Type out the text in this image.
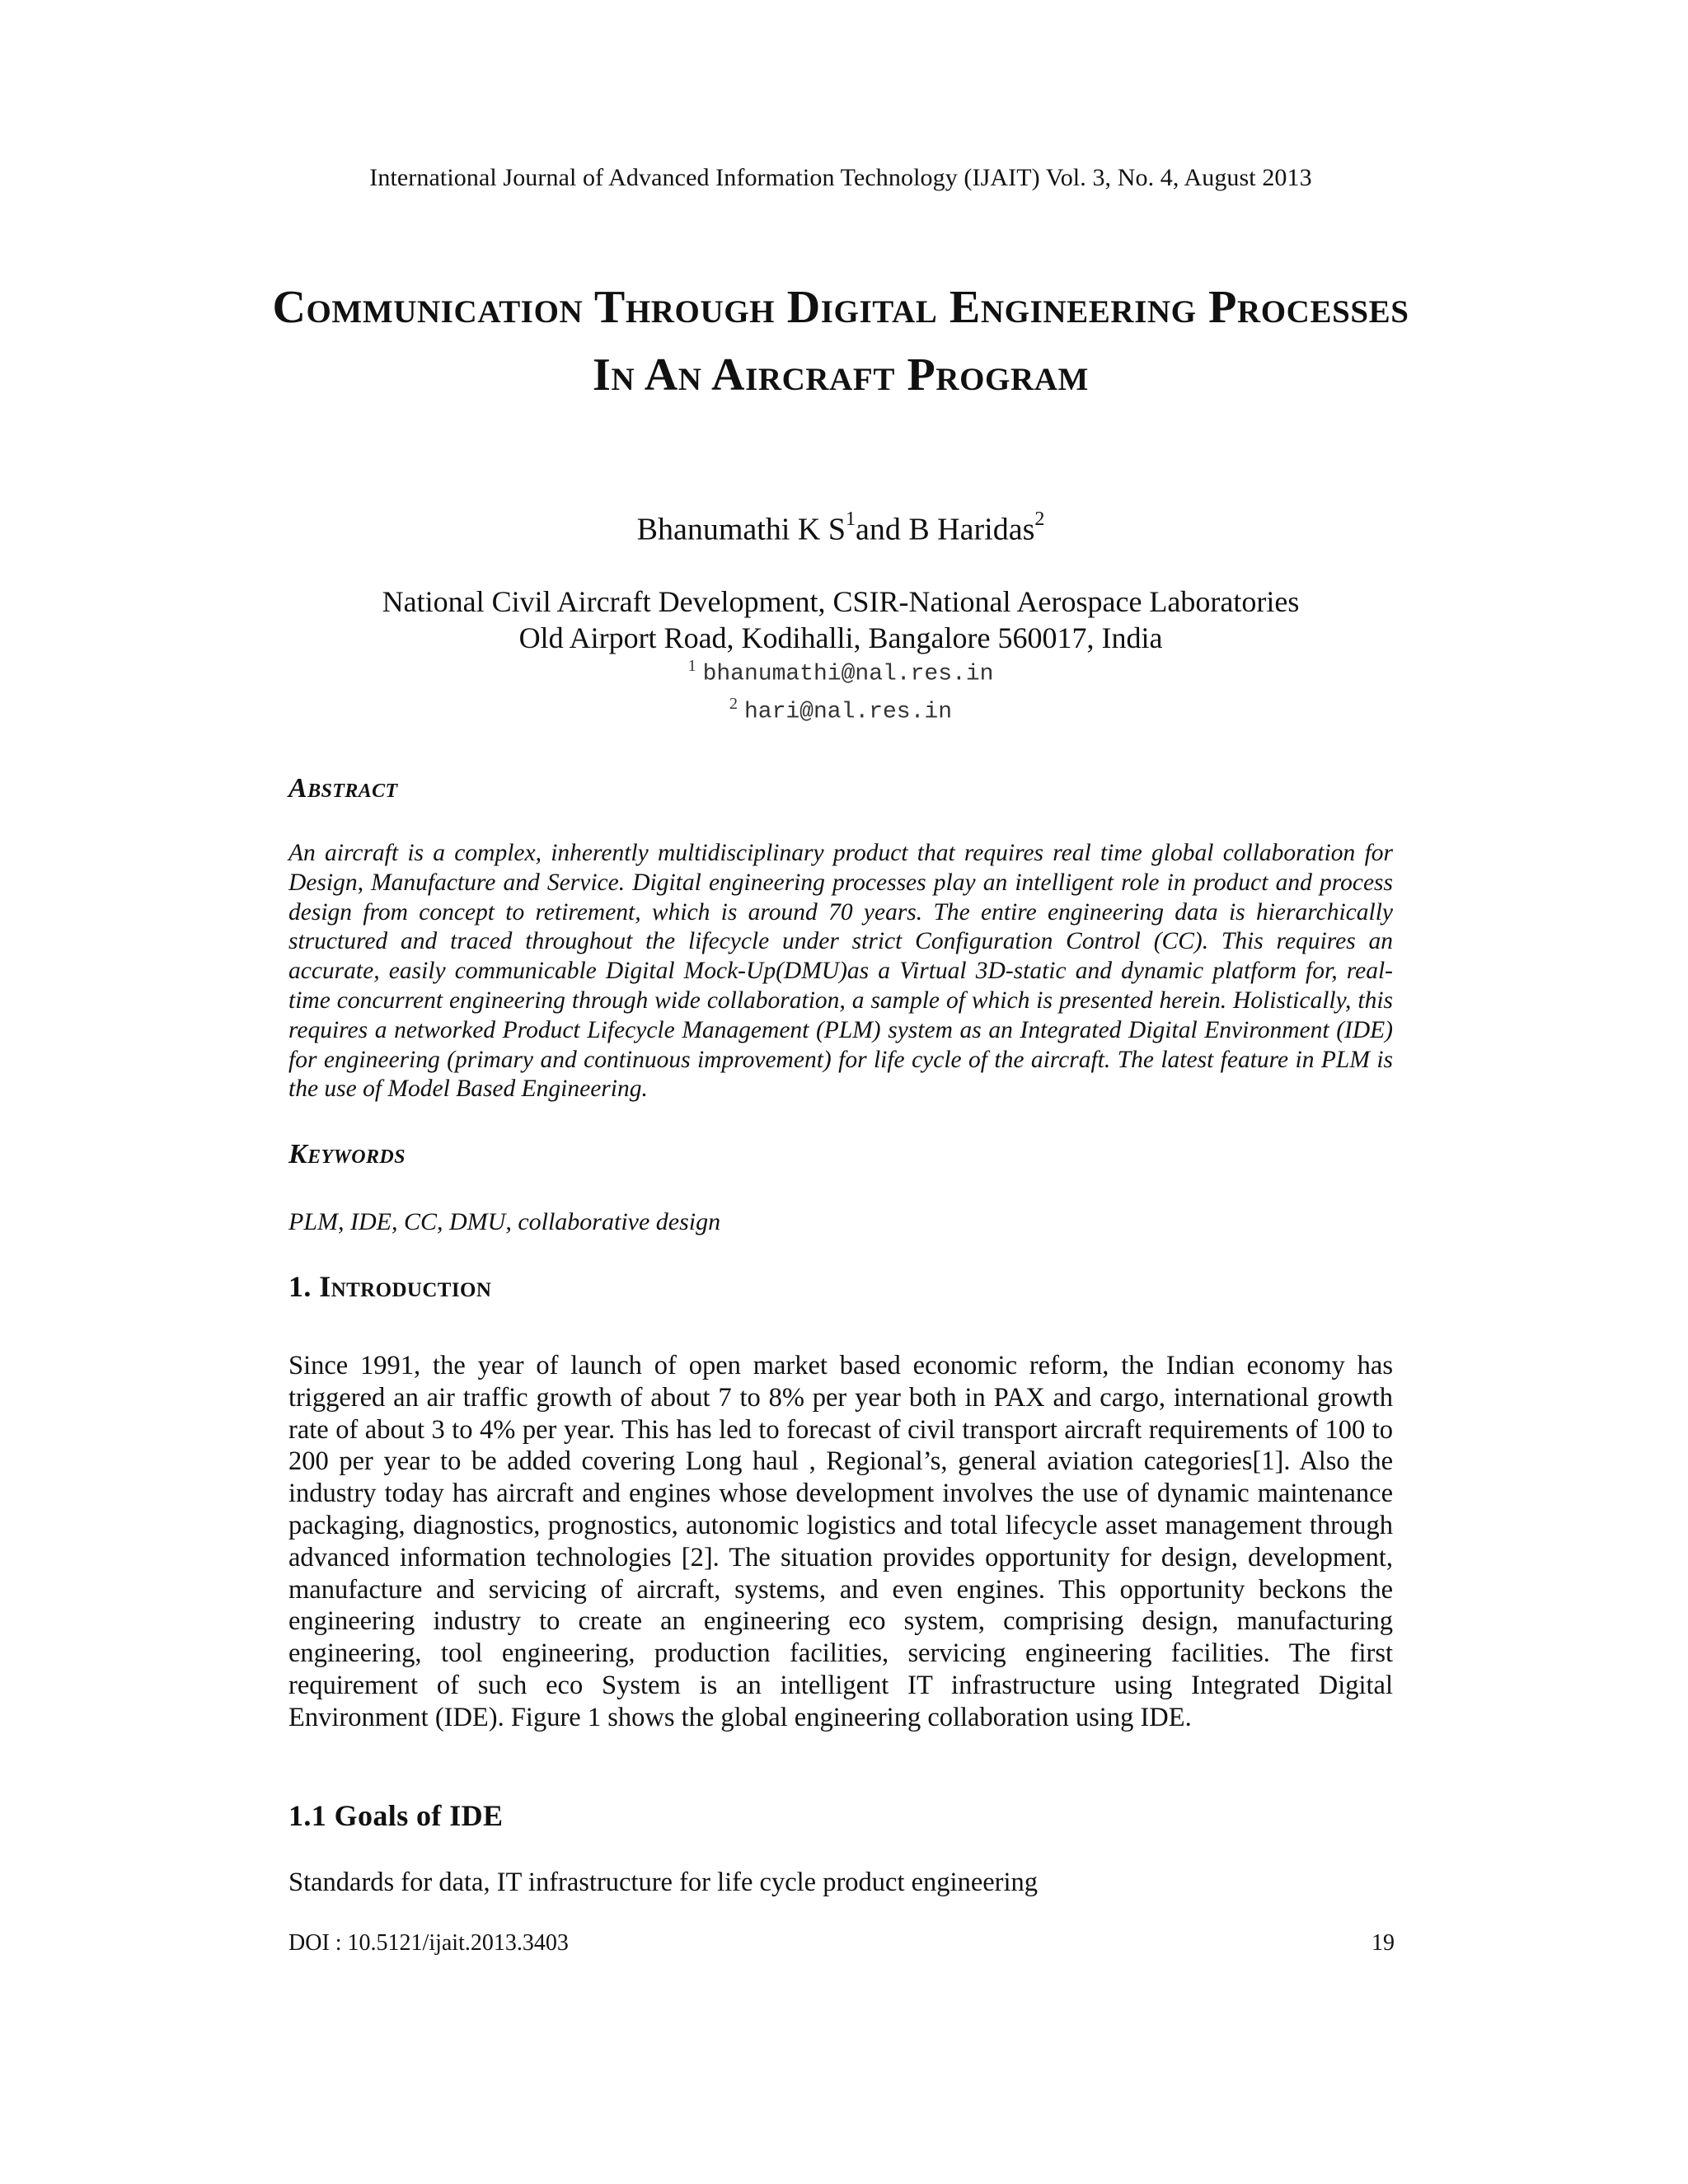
International Journal of Advanced Information Technology (IJAIT) Vol. 3, No. 4, August 2013
Communication Through Digital Engineering Processes In An Aircraft Program
Bhanumathi K $S^1and$ B Haridas$^2$
National Civil Aircraft Development, CSIR-National Aerospace Laboratories
Old Airport Road, Kodihalli, Bangalore 560017, India
$^1$ bhanumathi@nal.res.in
$^2$ hari@nal.res.in
Abstract

An aircraft is a complex, inherently multidisciplinary product that requires real time global collaboration for Design, Manufacture and Service. Digital engineering processes play an intelligent role in product and process design from concept to retirement, which is around 70 years. The entire engineering data is hierarchically structured and traced throughout the lifecycle under strict Configuration Control (CC). This requires an accurate, easily communicable Digital Mock-Up(DMU)as a Virtual 3D-static and dynamic platform for, real-time concurrent engineering through wide collaboration, a sample of which is presented herein. Holistically, this requires a networked Product Lifecycle Management (PLM) system as an Integrated Digital Environment (IDE) for engineering (primary and continuous improvement) for life cycle of the aircraft. The latest feature in PLM is the use of Model Based Engineering.

Keywords
PLM, IDE, CC, DMU, collaborative design
1. Introduction

Since 1991, the year of launch of open market based economic reform, the Indian economy has triggered an air traffic growth of about 7 to 8% per year both in PAX and cargo, international growth rate of about 3 to 4% per year. This has led to forecast of civil transport aircraft requirements of 100 to 200 per year to be added covering Long haul , Regional’s, general aviation categories[1]. Also the industry today has aircraft and engines whose development involves the use of dynamic maintenance packaging, diagnostics, prognostics, autonomic logistics and total lifecycle asset management through advanced information technologies [2]. The situation provides opportunity for design, development, manufacture and servicing of aircraft, systems, and even engines. This opportunity beckons the engineering industry to create an engineering eco system, comprising design, manufacturing engineering, tool engineering, production facilities, servicing engineering facilities. The first requirement of such eco System is an intelligent IT infrastructure using Integrated Digital Environment (IDE). Figure 1 shows the global engineering collaboration using IDE.

1.1 Goals of IDE
Standards for data, IT infrastructure for life cycle product engineering
DOI : 10.5121/ijait.2013.3403	19
